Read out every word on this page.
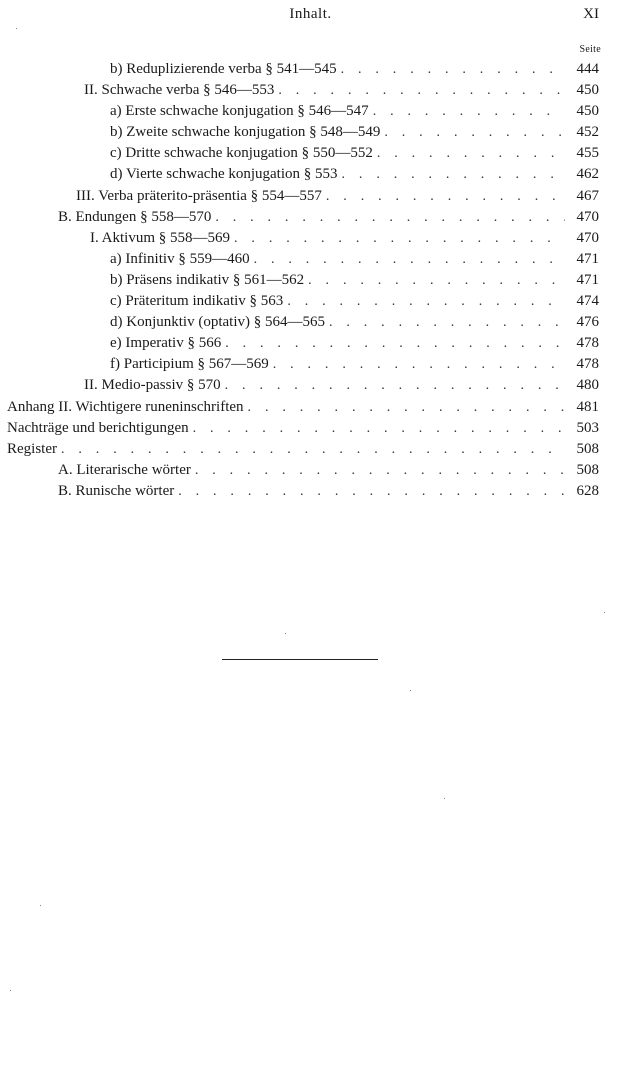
Inhalt.	XI
Seite
b) Reduplizierende verba § 541—545 . . .	444
II. Schwache verba § 546—553 . . .	450
a) Erste schwache konjugation § 546—547 . . .	450
b) Zweite schwache konjugation § 548—549 . . .	452
c) Dritte schwache konjugation § 550—552 . . .	455
d) Vierte schwache konjugation § 553 . . .	462
III. Verba präterito-präsentia § 554—557 . . .	467
B. Endungen § 558—570 . . .	470
I. Aktivum § 558—569 . . .	470
a) Infinitiv § 559—460 . . .	471
b) Präsens indikativ § 561—562 . . .	471
c) Präteritum indikativ § 563 . . .	474
d) Konjunktiv (optativ) § 564—565 . . .	476
e) Imperativ § 566 . . .	478
f) Participium § 567—569 . . .	478
II. Medio-passiv § 570 . . .	480
Anhang II. Wichtigere runeninschriften . . .	481
Nachträge und berichtigungen . . .	503
Register . . .	508
A. Literarische wörter . . .	508
B. Runische wörter . . .	628
